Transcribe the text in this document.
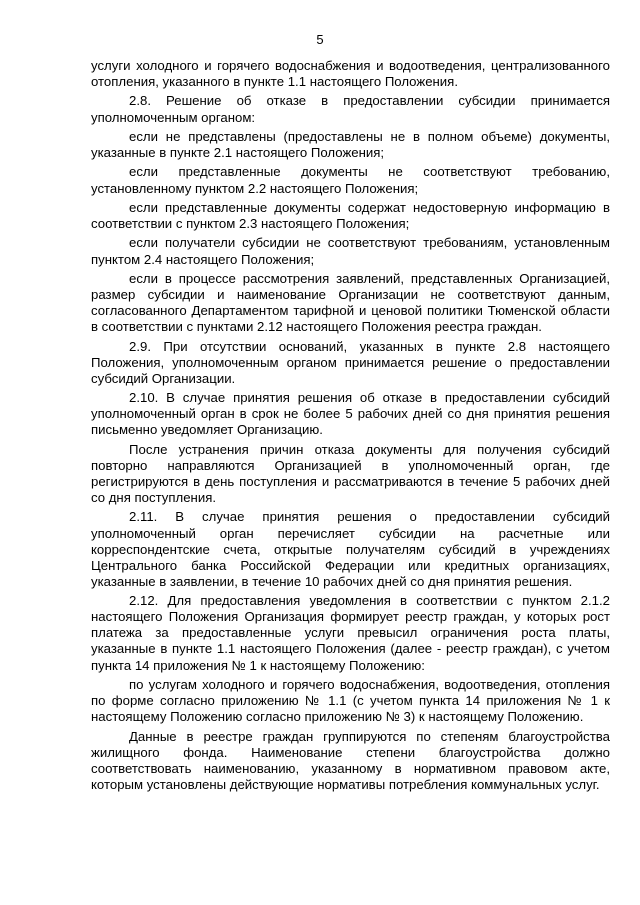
5

услуги холодного и горячего водоснабжения и водоотведения, централизованного отопления, указанного в пункте 1.1 настоящего Положения.

2.8. Решение об отказе в предоставлении субсидии принимается уполномоченным органом:

если не представлены (предоставлены не в полном объеме) документы, указанные в пункте 2.1 настоящего Положения;

если представленные документы не соответствуют требованию, установленному пунктом 2.2 настоящего Положения;

если представленные документы содержат недостоверную информацию в соответствии с пунктом 2.3 настоящего Положения;

если получатели субсидии не соответствуют требованиям, установленным пунктом 2.4 настоящего Положения;

если в процессе рассмотрения заявлений, представленных Организацией, размер субсидии и наименование Организации не соответствуют данным, согласованного Департаментом тарифной и ценовой политики Тюменской области в соответствии с пунктами 2.12 настоящего Положения реестра граждан.

2.9. При отсутствии оснований, указанных в пункте 2.8 настоящего Положения, уполномоченным органом принимается решение о предоставлении субсидий Организации.

2.10. В случае принятия решения об отказе в предоставлении субсидий уполномоченный орган в срок не более 5 рабочих дней со дня принятия решения письменно уведомляет Организацию.

После устранения причин отказа документы для получения субсидий повторно направляются Организацией в уполномоченный орган, где регистрируются в день поступления и рассматриваются в течение 5 рабочих дней со дня поступления.

2.11. В случае принятия решения о предоставлении субсидий уполномоченный орган перечисляет субсидии на расчетные или корреспондентские счета, открытые получателям субсидий в учреждениях Центрального банка Российской Федерации или кредитных организациях, указанные в заявлении, в течение 10 рабочих дней со дня принятия решения.

2.12. Для предоставления уведомления в соответствии с пунктом 2.1.2 настоящего Положения Организация формирует реестр граждан, у которых рост платежа за предоставленные услуги превысил ограничения роста платы, указанные в пункте 1.1 настоящего Положения (далее - реестр граждан), с учетом пункта 14 приложения № 1 к настоящему Положению:

по услугам холодного и горячего водоснабжения, водоотведения, отопления по форме согласно приложению № 1.1 (с учетом пункта 14 приложения № 1 к настоящему Положению согласно приложению № 3) к настоящему Положению.

Данные в реестре граждан группируются по степеням благоустройства жилищного фонда. Наименование степени благоустройства должно соответствовать наименованию, указанному в нормативном правовом акте, которым установлены действующие нормативы потребления коммунальных услуг.
